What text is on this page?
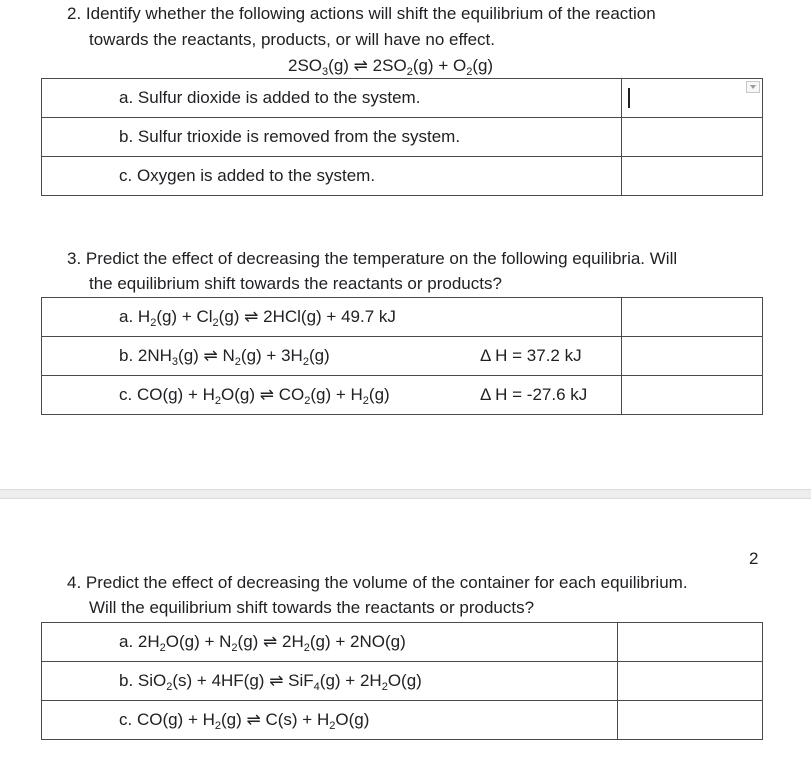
2. Identify whether the following actions will shift the equilibrium of the reaction
towards the reactants, products, or will have no effect.
$2SO_3(g)$ ⇌ $2SO_2(g) + O_2(g)$
a. Sulfur dioxide is added to the system.	

b. Sulfur trioxide is removed from the system.	

c. Oxygen is added to the system.	

3. Predict the effect of decreasing the temperature on the following equilibria. Will
the equilibrium shift towards the reactants or products?
a. $H_2(g) + Cl_2(g)$ ⇌ 2HCl(g) + 49.7 kJ	

b. $2NH_3(g)$ ⇌ $N_2(g) + 3H_2(g)$ Δ H = 37.2 kJ	

c. $CO(g) + H_2O(g)$ ⇌ $CO_2(g) + H_2(g)$ Δ H = -27.6 kJ	

2
4. Predict the effect of decreasing the volume of the container for each equilibrium.
Will the equilibrium shift towards the reactants or products?
a. $2H_2O(g) + N_2(g)$ ⇌ $2H_2(g) + 2NO(g)$	

b. SiO$_2$(s) + 4HF(g) ⇌ $SiF_4(g) + 2H_2O(g)$	

c. $CO(g) + H_2(g)$ ⇌ $C(s) + H_2O(g)$	
